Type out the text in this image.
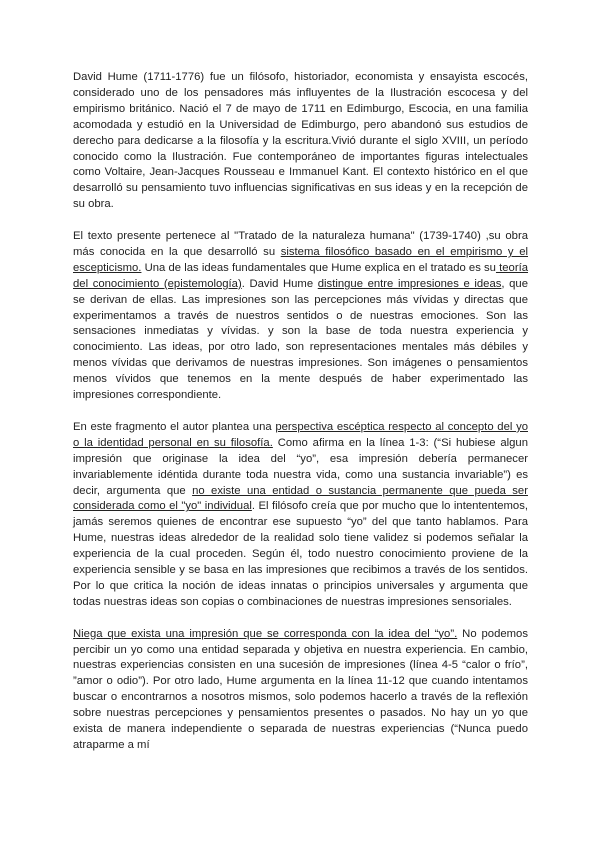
David Hume (1711-1776) fue un filósofo, historiador, economista y ensayista escocés, considerado uno de los pensadores más influyentes de la Ilustración escocesa y del empirismo británico. Nació el 7 de mayo de 1711 en Edimburgo, Escocia, en una familia acomodada y estudió en la Universidad de Edimburgo, pero abandonó sus estudios de derecho para dedicarse a la filosofía y la escritura.Vivió durante el siglo XVIII, un período conocido como la Ilustración. Fue contemporáneo de importantes figuras intelectuales como Voltaire, Jean-Jacques Rousseau e Immanuel Kant. El contexto histórico en el que desarrolló su pensamiento tuvo influencias significativas en sus ideas y en la recepción de su obra.

El texto presente pertenece al "Tratado de la naturaleza humana" (1739-1740) ,su obra más conocida en la que desarrolló su sistema filosófico basado en el empirismo y el escepticismo. Una de las ideas fundamentales que Hume explica en el tratado es su teoría del conocimiento (epistemología). David Hume distingue entre impresiones e ideas, que se derivan de ellas. Las impresiones son las percepciones más vívidas y directas que experimentamos a través de nuestros sentidos o de nuestras emociones. Son las sensaciones inmediatas y vívidas. y son la base de toda nuestra experiencia y conocimiento. Las ideas, por otro lado, son representaciones mentales más débiles y menos vívidas que derivamos de nuestras impresiones. Son imágenes o pensamientos menos vívidos que tenemos en la mente después de haber experimentado las impresiones correspondiente.

En este fragmento el autor plantea una perspectiva escéptica respecto al concepto del yo o la identidad personal en su filosofía. Como afirma en la línea 1-3: (“Si hubiese algun impresión que originase la idea del “yo”, esa impresión debería permanecer invariablemente idéntida durante toda nuestra vida, como una sustancia invariable”) es decir, argumenta que no existe una entidad o sustancia permanente que pueda ser considerada como el "yo" individual. El filósofo creía que por mucho que lo intententemos, jamás seremos quienes de encontrar ese supuesto “yo” del que tanto hablamos. Para Hume, nuestras ideas alrededor de la realidad solo tiene validez si podemos señalar la experiencia de la cual proceden. Según él, todo nuestro conocimiento proviene de la experiencia sensible y se basa en las impresiones que recibimos a través de los sentidos. Por lo que critica la noción de ideas innatas o principios universales y argumenta que todas nuestras ideas son copias o combinaciones de nuestras impresiones sensoriales.

Niega que exista una impresión que se corresponda con la idea del “yo”. No podemos percibir un yo como una entidad separada y objetiva en nuestra experiencia. En cambio, nuestras experiencias consisten en una sucesión de impresiones (línea 4-5 “calor o frío”, ”amor o odio”). Por otro lado, Hume argumenta en la línea 11-12 que cuando intentamos buscar o encontrarnos a nosotros mismos, solo podemos hacerlo a través de la reflexión sobre nuestras percepciones y pensamientos presentes o pasados. No hay un yo que exista de manera independiente o separada de nuestras experiencias (“Nunca puedo atraparme a mí
